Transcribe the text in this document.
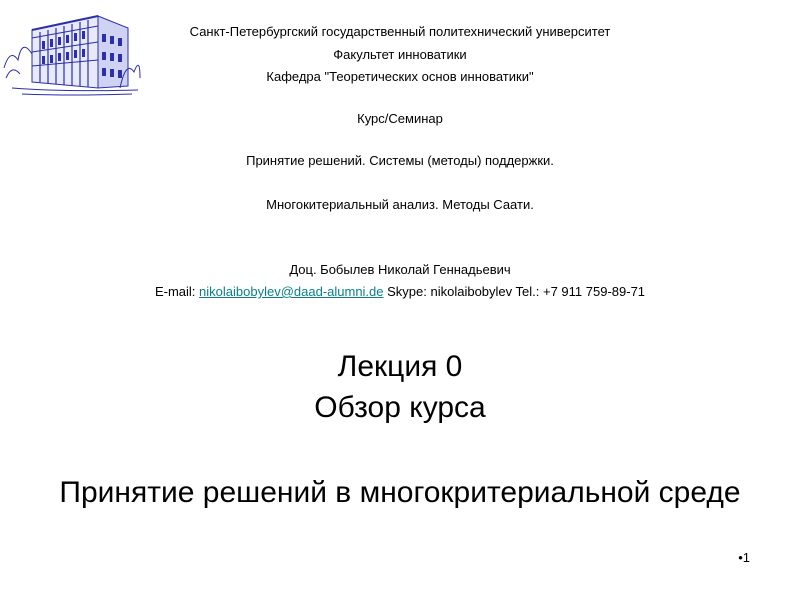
Санкт-Петербургский государственный политехнический университет
Факультет инноватики
Кафедра "Теоретических основ инноватики"
Курс/Семинар
Принятие решений. Системы (методы) поддержки.
Многокитериальный анализ. Методы Саати.
Доц. Бобылев Николай Геннадьевич
E-mail: nikolaibobylev@daad-alumni.de Skype: nikolaibobylev Tel.: +7 911 759-89-71
Лекция 0
Обзор курса
Принятие решений в многокритериальной среде
•1
